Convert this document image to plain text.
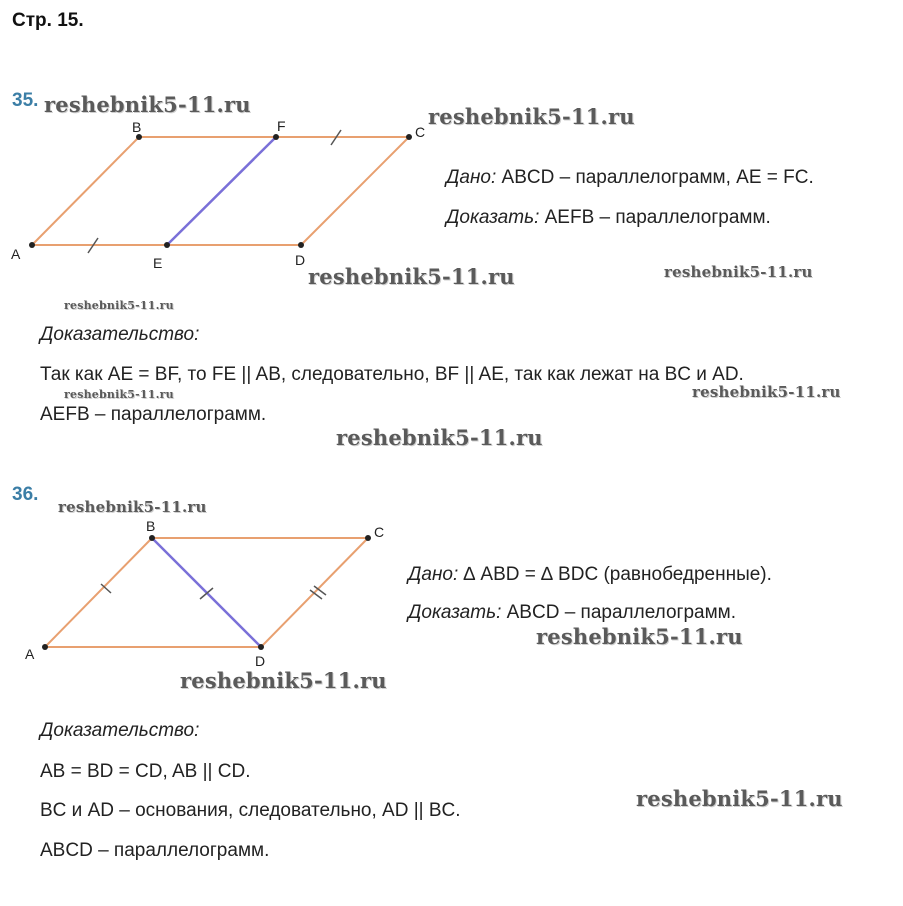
Стр. 15.
35.
A
B	F	C
E	D
A
B	C
D
Дано: ABCD – параллелограмм, AE = FC.
Доказать: AEFB – параллелограмм.
Доказательство:
Так как AE = BF, то FE || AB, следовательно, BF || AE, так как лежат на BC и AD.
AEFB – параллелограмм.
36.
Дано: ∆ ABD = ∆ BDC (равнобедренные).
Доказать: ABCD – параллелограмм.
Доказательство:
AB = BD = CD, AB || CD.
BC и AD – основания, следовательно, AD || BC.
ABCD – параллелограмм.
reshebnik5-11.ru	reshebnik5-11.ru
reshebnik5-11.ru	reshebnik5-11.ru
reshebnik5-11.ru
reshebnik5-11.ru	reshebnik5-11.ru
reshebnik5-11.ru
reshebnik5-11.ru
reshebnik5-11.ru
reshebnik5-11.ru
reshebnik5-11.ru
